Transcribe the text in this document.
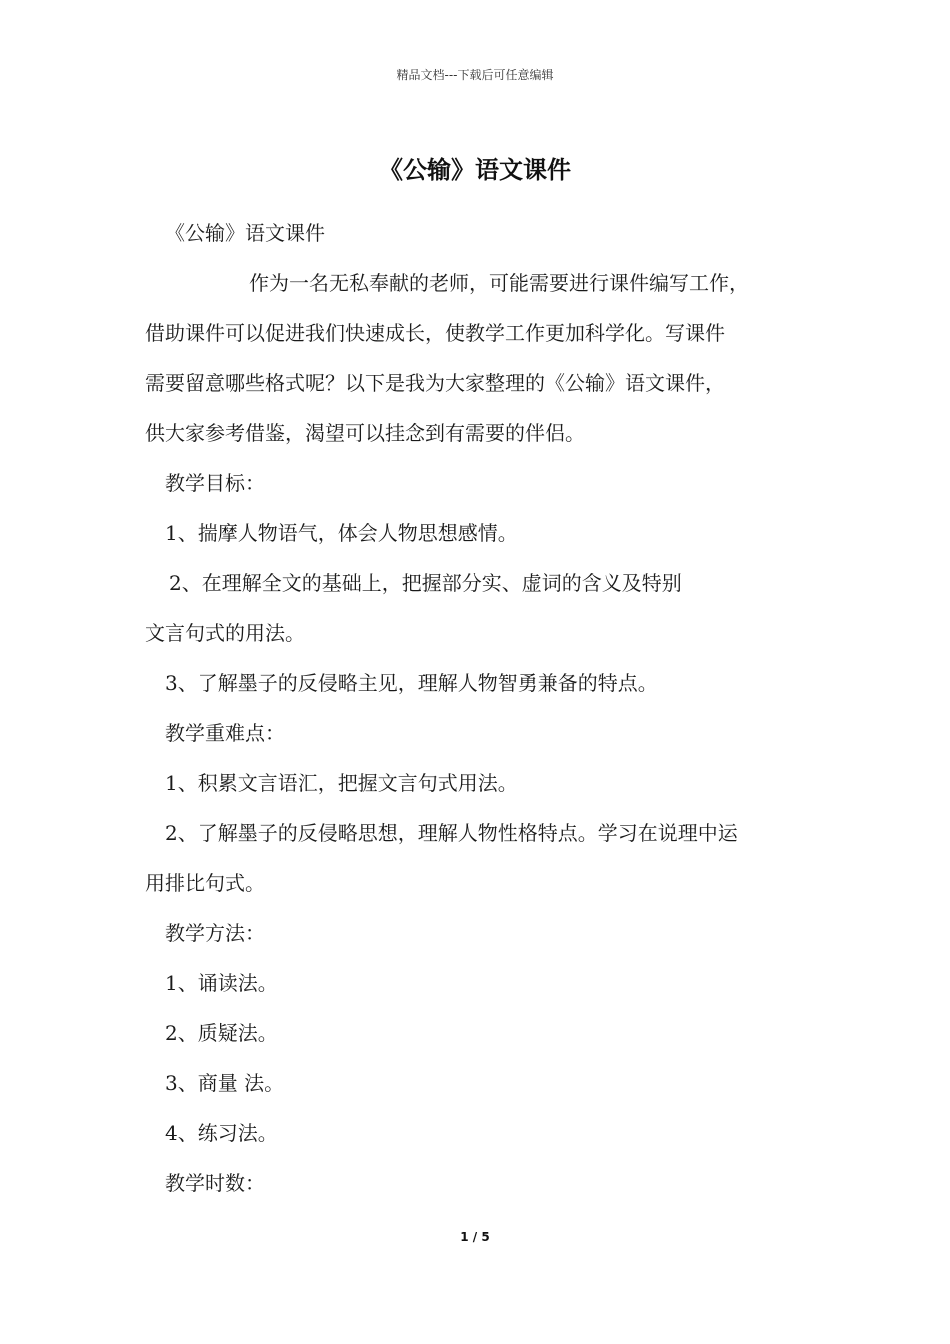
精品文档---下载后可任意编辑
《公输》语文课件
《公输》语文课件
作为一名无私奉献的老师，可能需要进行课件编写工作，
借助课件可以促进我们快速成长，使教学工作更加科学化。写课件
需要留意哪些格式呢？以下是我为大家整理的《公输》语文课件，
供大家参考借鉴，渴望可以挂念到有需要的伴侣。
教学目标：
1、揣摩人物语气，体会人物思想感情。
2、在理解全文的基础上，把握部分实、虚词的含义及特别
文言句式的用法。
3、了解墨子的反侵略主见，理解人物智勇兼备的特点。
教学重难点：
1、积累文言语汇，把握文言句式用法。
2、了解墨子的反侵略思想，理解人物性格特点。学习在说理中运
用排比句式。
教学方法：
1、诵读法。
2、质疑法。
3、商量 法。
4、练习法。
教学时数：
1 / 5
